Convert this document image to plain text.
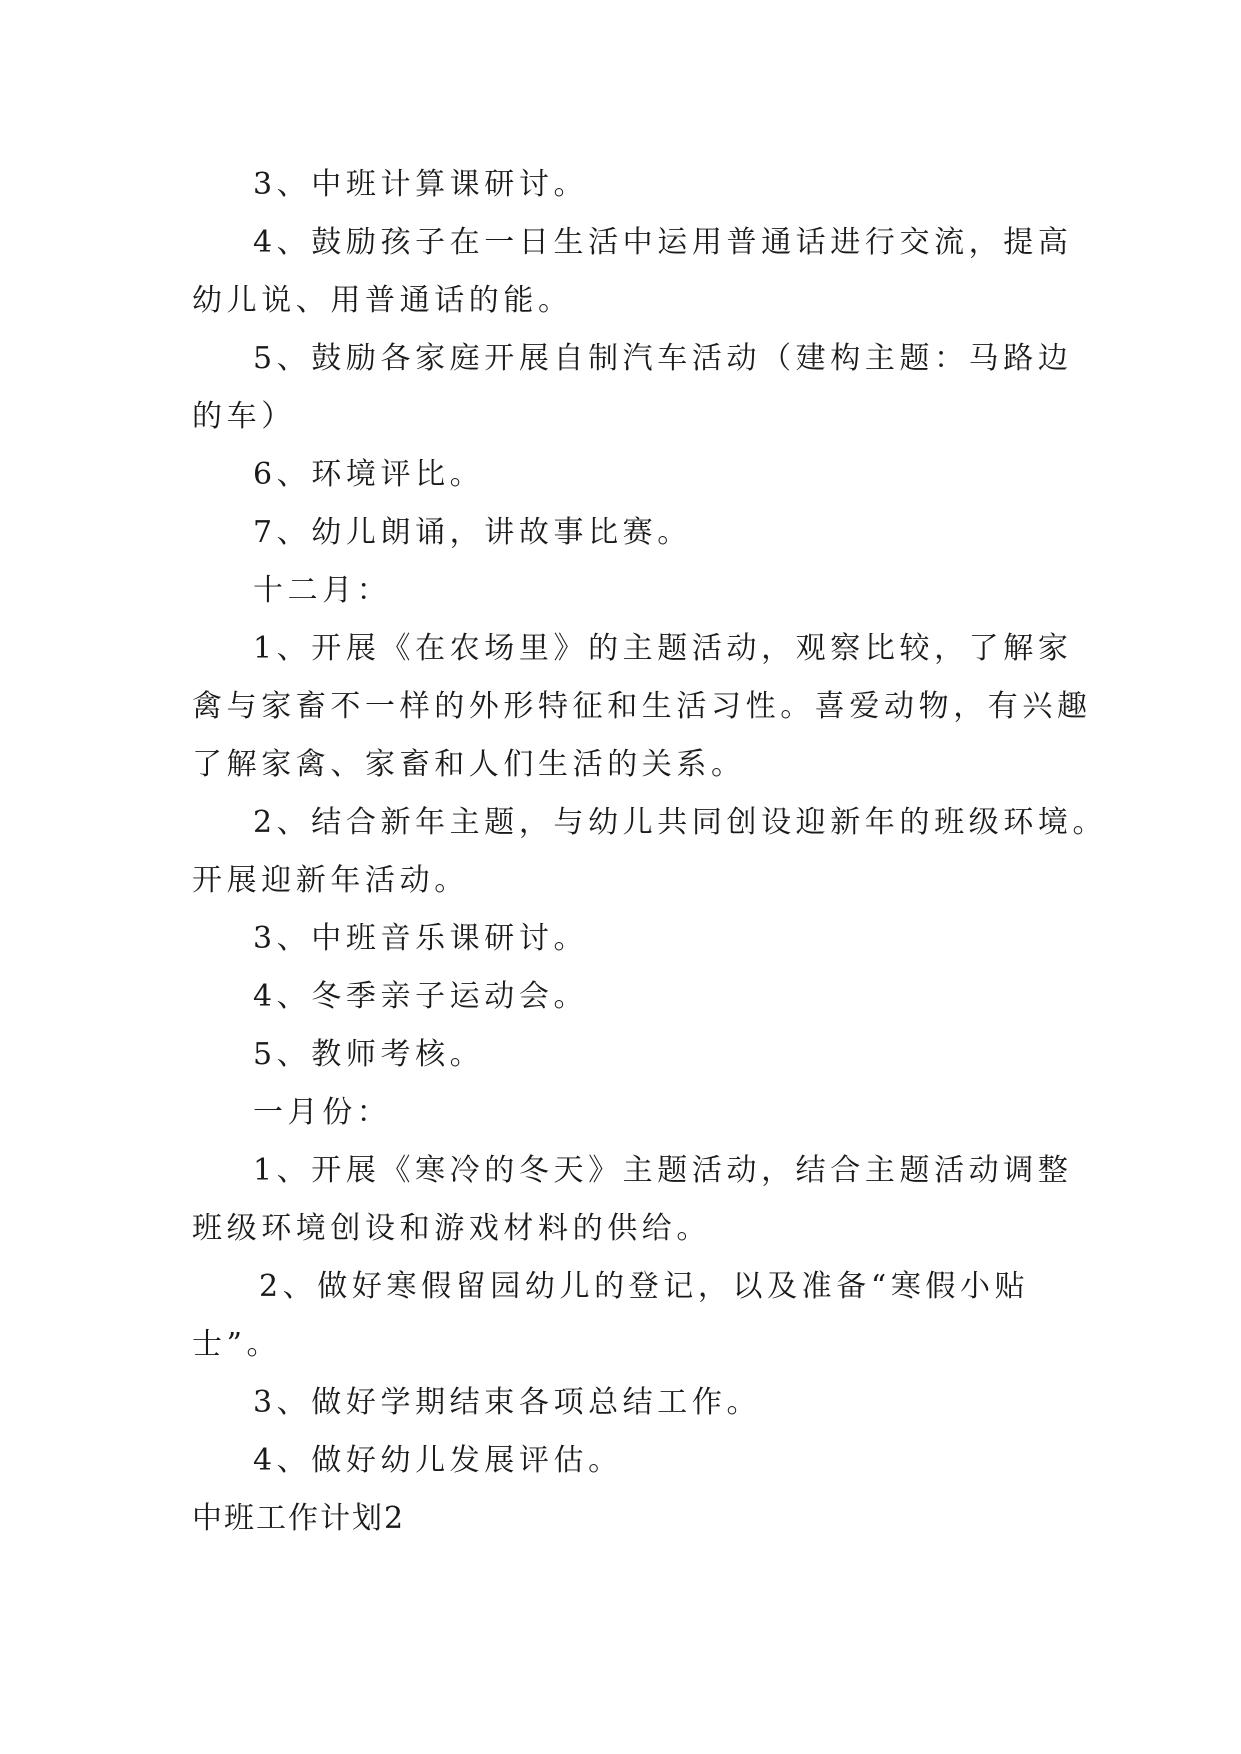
3、中班计算课研讨。
4、鼓励孩子在一日生活中运用普通话进行交流，提高
幼儿说、用普通话的能。
5、鼓励各家庭开展自制汽车活动（建构主题：马路边
的车）
6、环境评比。
7、幼儿朗诵，讲故事比赛。
十二月：
1、开展《在农场里》的主题活动，观察比较，了解家
禽与家畜不一样的外形特征和生活习性。喜爱动物，有兴趣
了解家禽、家畜和人们生活的关系。
2、结合新年主题，与幼儿共同创设迎新年的班级环境。
开展迎新年活动。
3、中班音乐课研讨。
4、冬季亲子运动会。
5、教师考核。
一月份：
1、开展《寒冷的冬天》主题活动，结合主题活动调整
班级环境创设和游戏材料的供给。
2、做好寒假留园幼儿的登记，以及准备“寒假小贴
士”。
3、做好学期结束各项总结工作。
4、做好幼儿发展评估。
中班工作计划2
